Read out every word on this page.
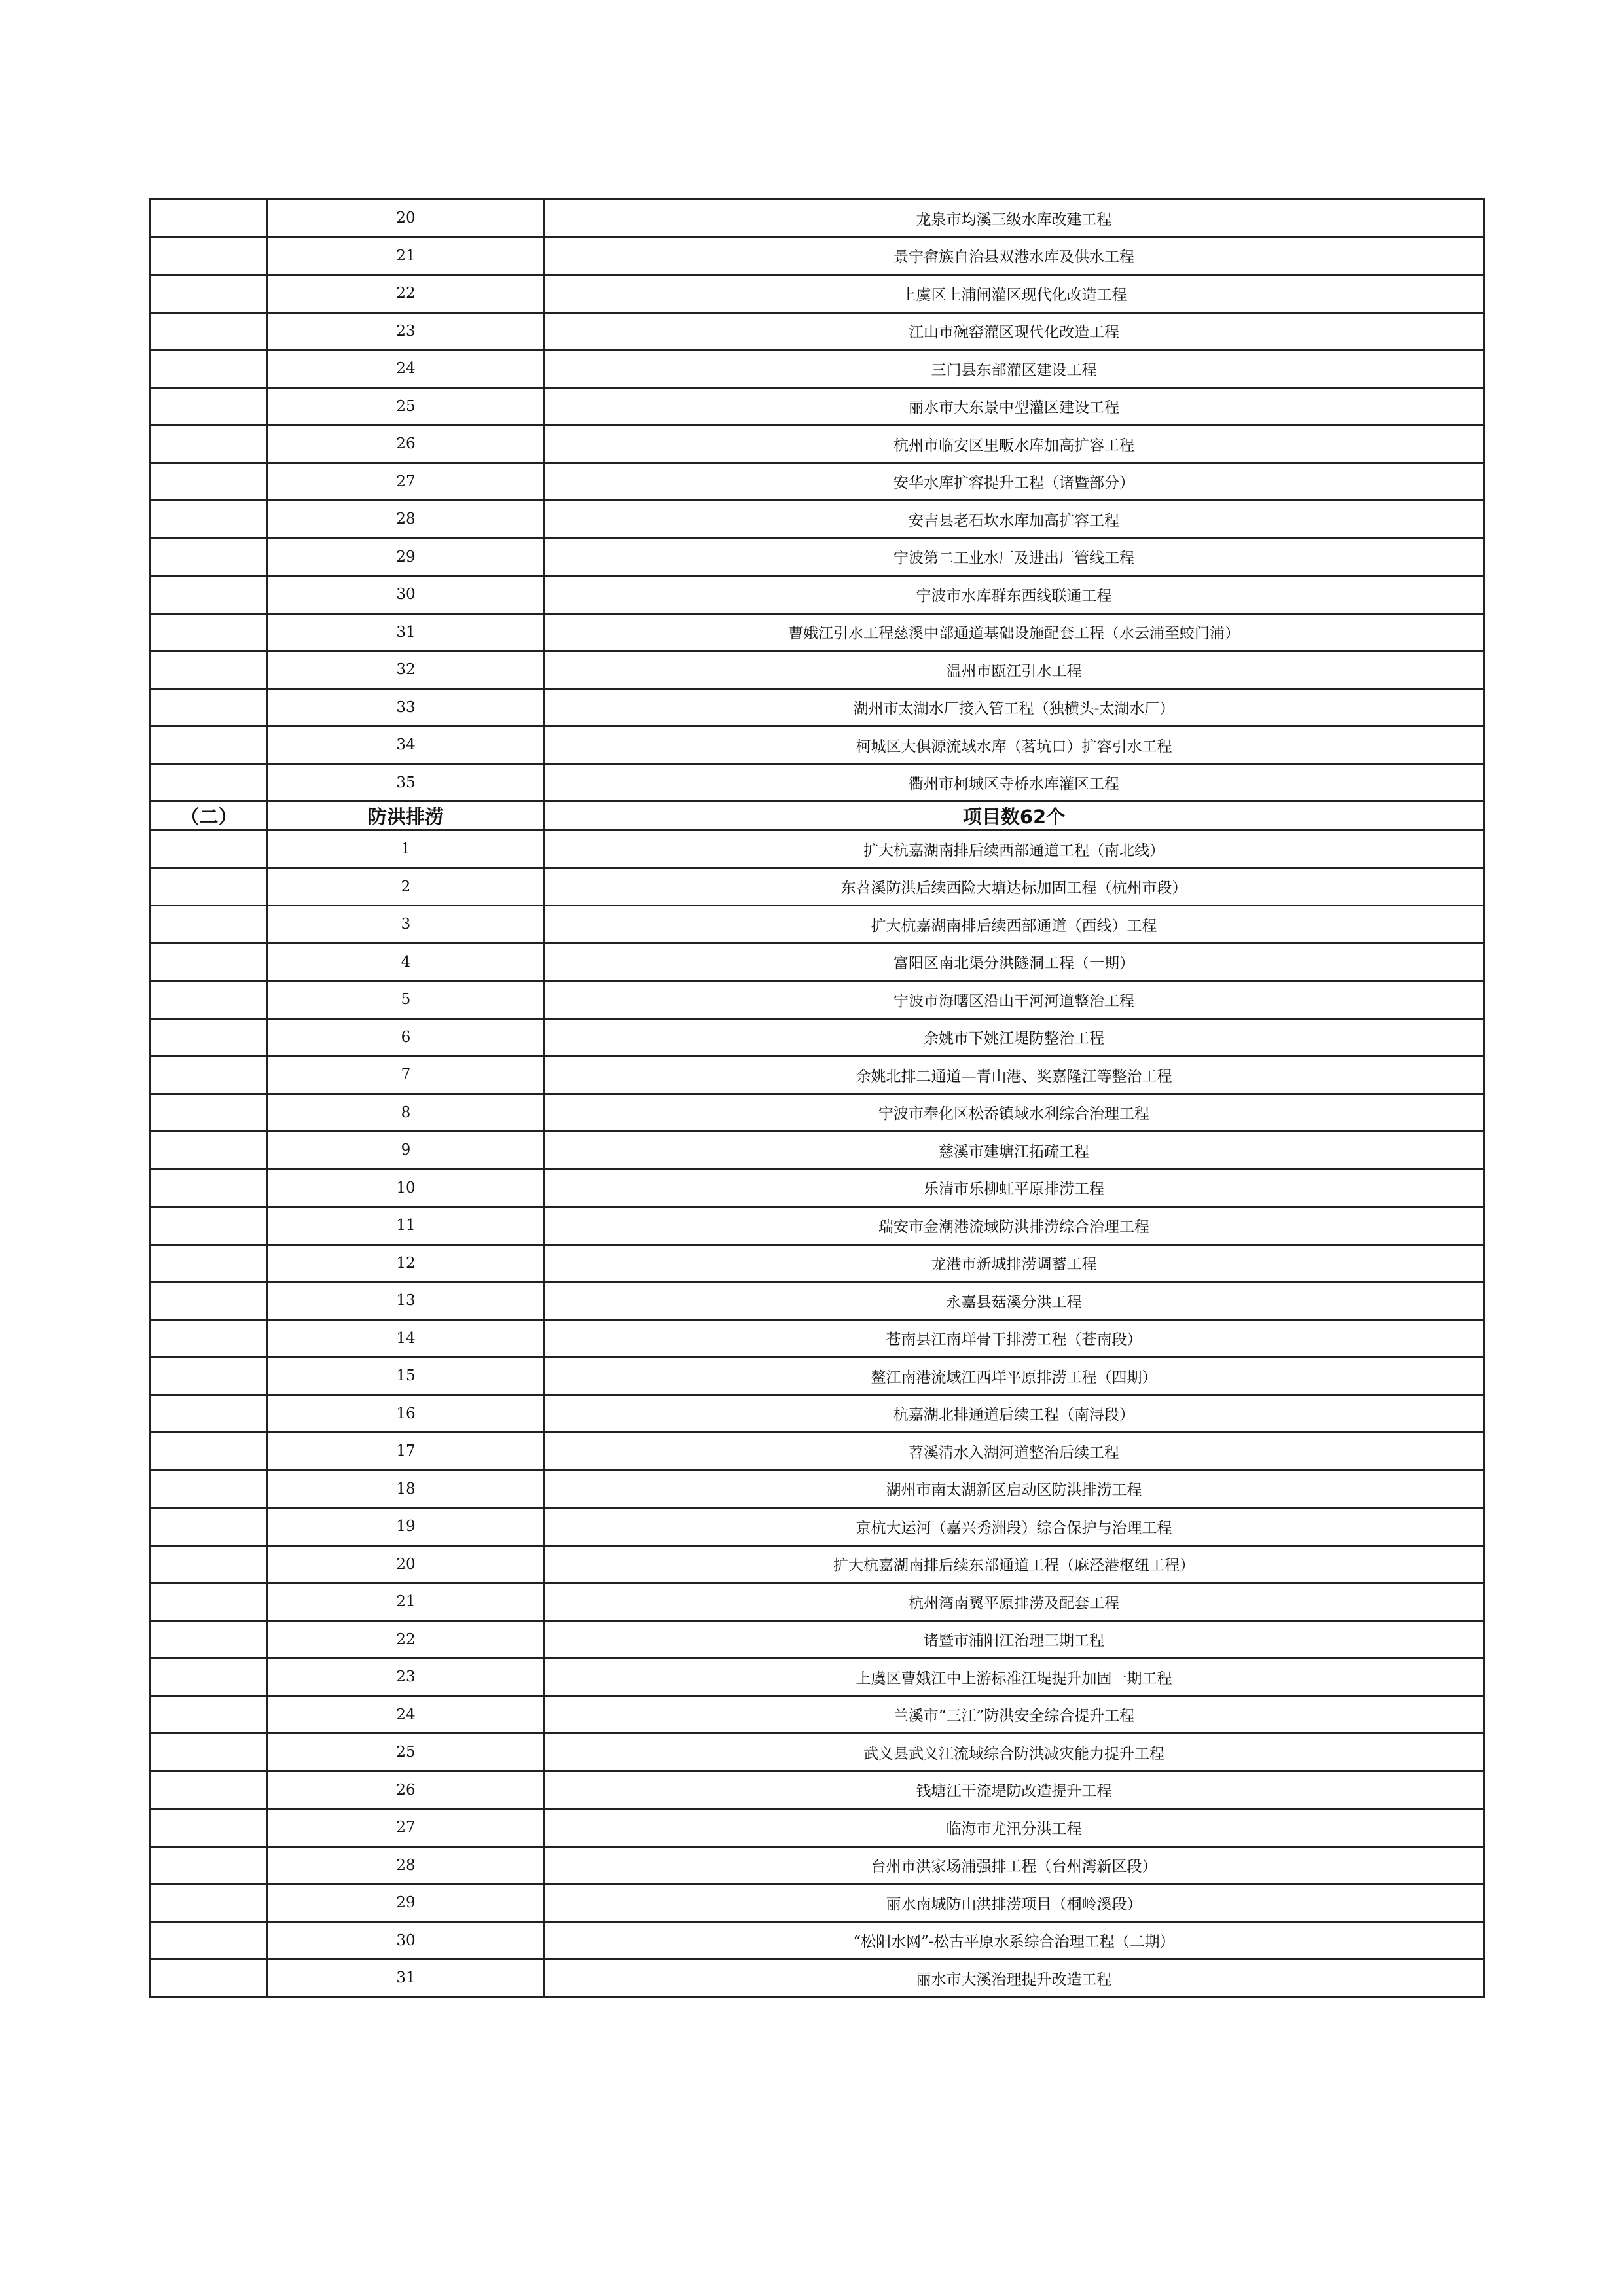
	20	龙泉市均溪三级水库改建工程
	21	景宁畲族自治县双港水库及供水工程
	22	上虞区上浦闸灌区现代化改造工程
	23	江山市碗窑灌区现代化改造工程
	24	三门县东部灌区建设工程
	25	丽水市大东景中型灌区建设工程
	26	杭州市临安区里畈水库加高扩容工程
	27	安华水库扩容提升工程（诸暨部分）
	28	安吉县老石坎水库加高扩容工程
	29	宁波第二工业水厂及进出厂管线工程
	30	宁波市水库群东西线联通工程
	31	曹娥江引水工程慈溪中部通道基础设施配套工程（水云浦至蛟门浦）
	32	温州市瓯江引水工程
	33	湖州市太湖水厂接入管工程（独横头-太湖水厂）
	34	柯城区大俱源流域水库（茗坑口）扩容引水工程
	35	衢州市柯城区寺桥水库灌区工程
（二）	防洪排涝	项目数62个
	1	扩大杭嘉湖南排后续西部通道工程（南北线）
	2	东苕溪防洪后续西险大塘达标加固工程（杭州市段）
	3	扩大杭嘉湖南排后续西部通道（西线）工程
	4	富阳区南北渠分洪隧洞工程（一期）
	5	宁波市海曙区沿山干河河道整治工程
	6	余姚市下姚江堤防整治工程
	7	余姚北排二通道—青山港、奖嘉隆江等整治工程
	8	宁波市奉化区松岙镇域水利综合治理工程
	9	慈溪市建塘江拓疏工程
	10	乐清市乐柳虹平原排涝工程
	11	瑞安市金潮港流域防洪排涝综合治理工程
	12	龙港市新城排涝调蓄工程
	13	永嘉县菇溪分洪工程
	14	苍南县江南垟骨干排涝工程（苍南段）
	15	鳌江南港流域江西垟平原排涝工程（四期）
	16	杭嘉湖北排通道后续工程（南浔段）
	17	苕溪清水入湖河道整治后续工程
	18	湖州市南太湖新区启动区防洪排涝工程
	19	京杭大运河（嘉兴秀洲段）综合保护与治理工程
	20	扩大杭嘉湖南排后续东部通道工程（麻泾港枢纽工程）
	21	杭州湾南翼平原排涝及配套工程
	22	诸暨市浦阳江治理三期工程
	23	上虞区曹娥江中上游标准江堤提升加固一期工程
	24	兰溪市“三江”防洪安全综合提升工程
	25	武义县武义江流域综合防洪减灾能力提升工程
	26	钱塘江干流堤防改造提升工程
	27	临海市尤汛分洪工程
	28	台州市洪家场浦强排工程（台州湾新区段）
	29	丽水南城防山洪排涝项目（桐岭溪段）
	30	“松阳水网”-松古平原水系综合治理工程（二期）
	31	丽水市大溪治理提升改造工程
